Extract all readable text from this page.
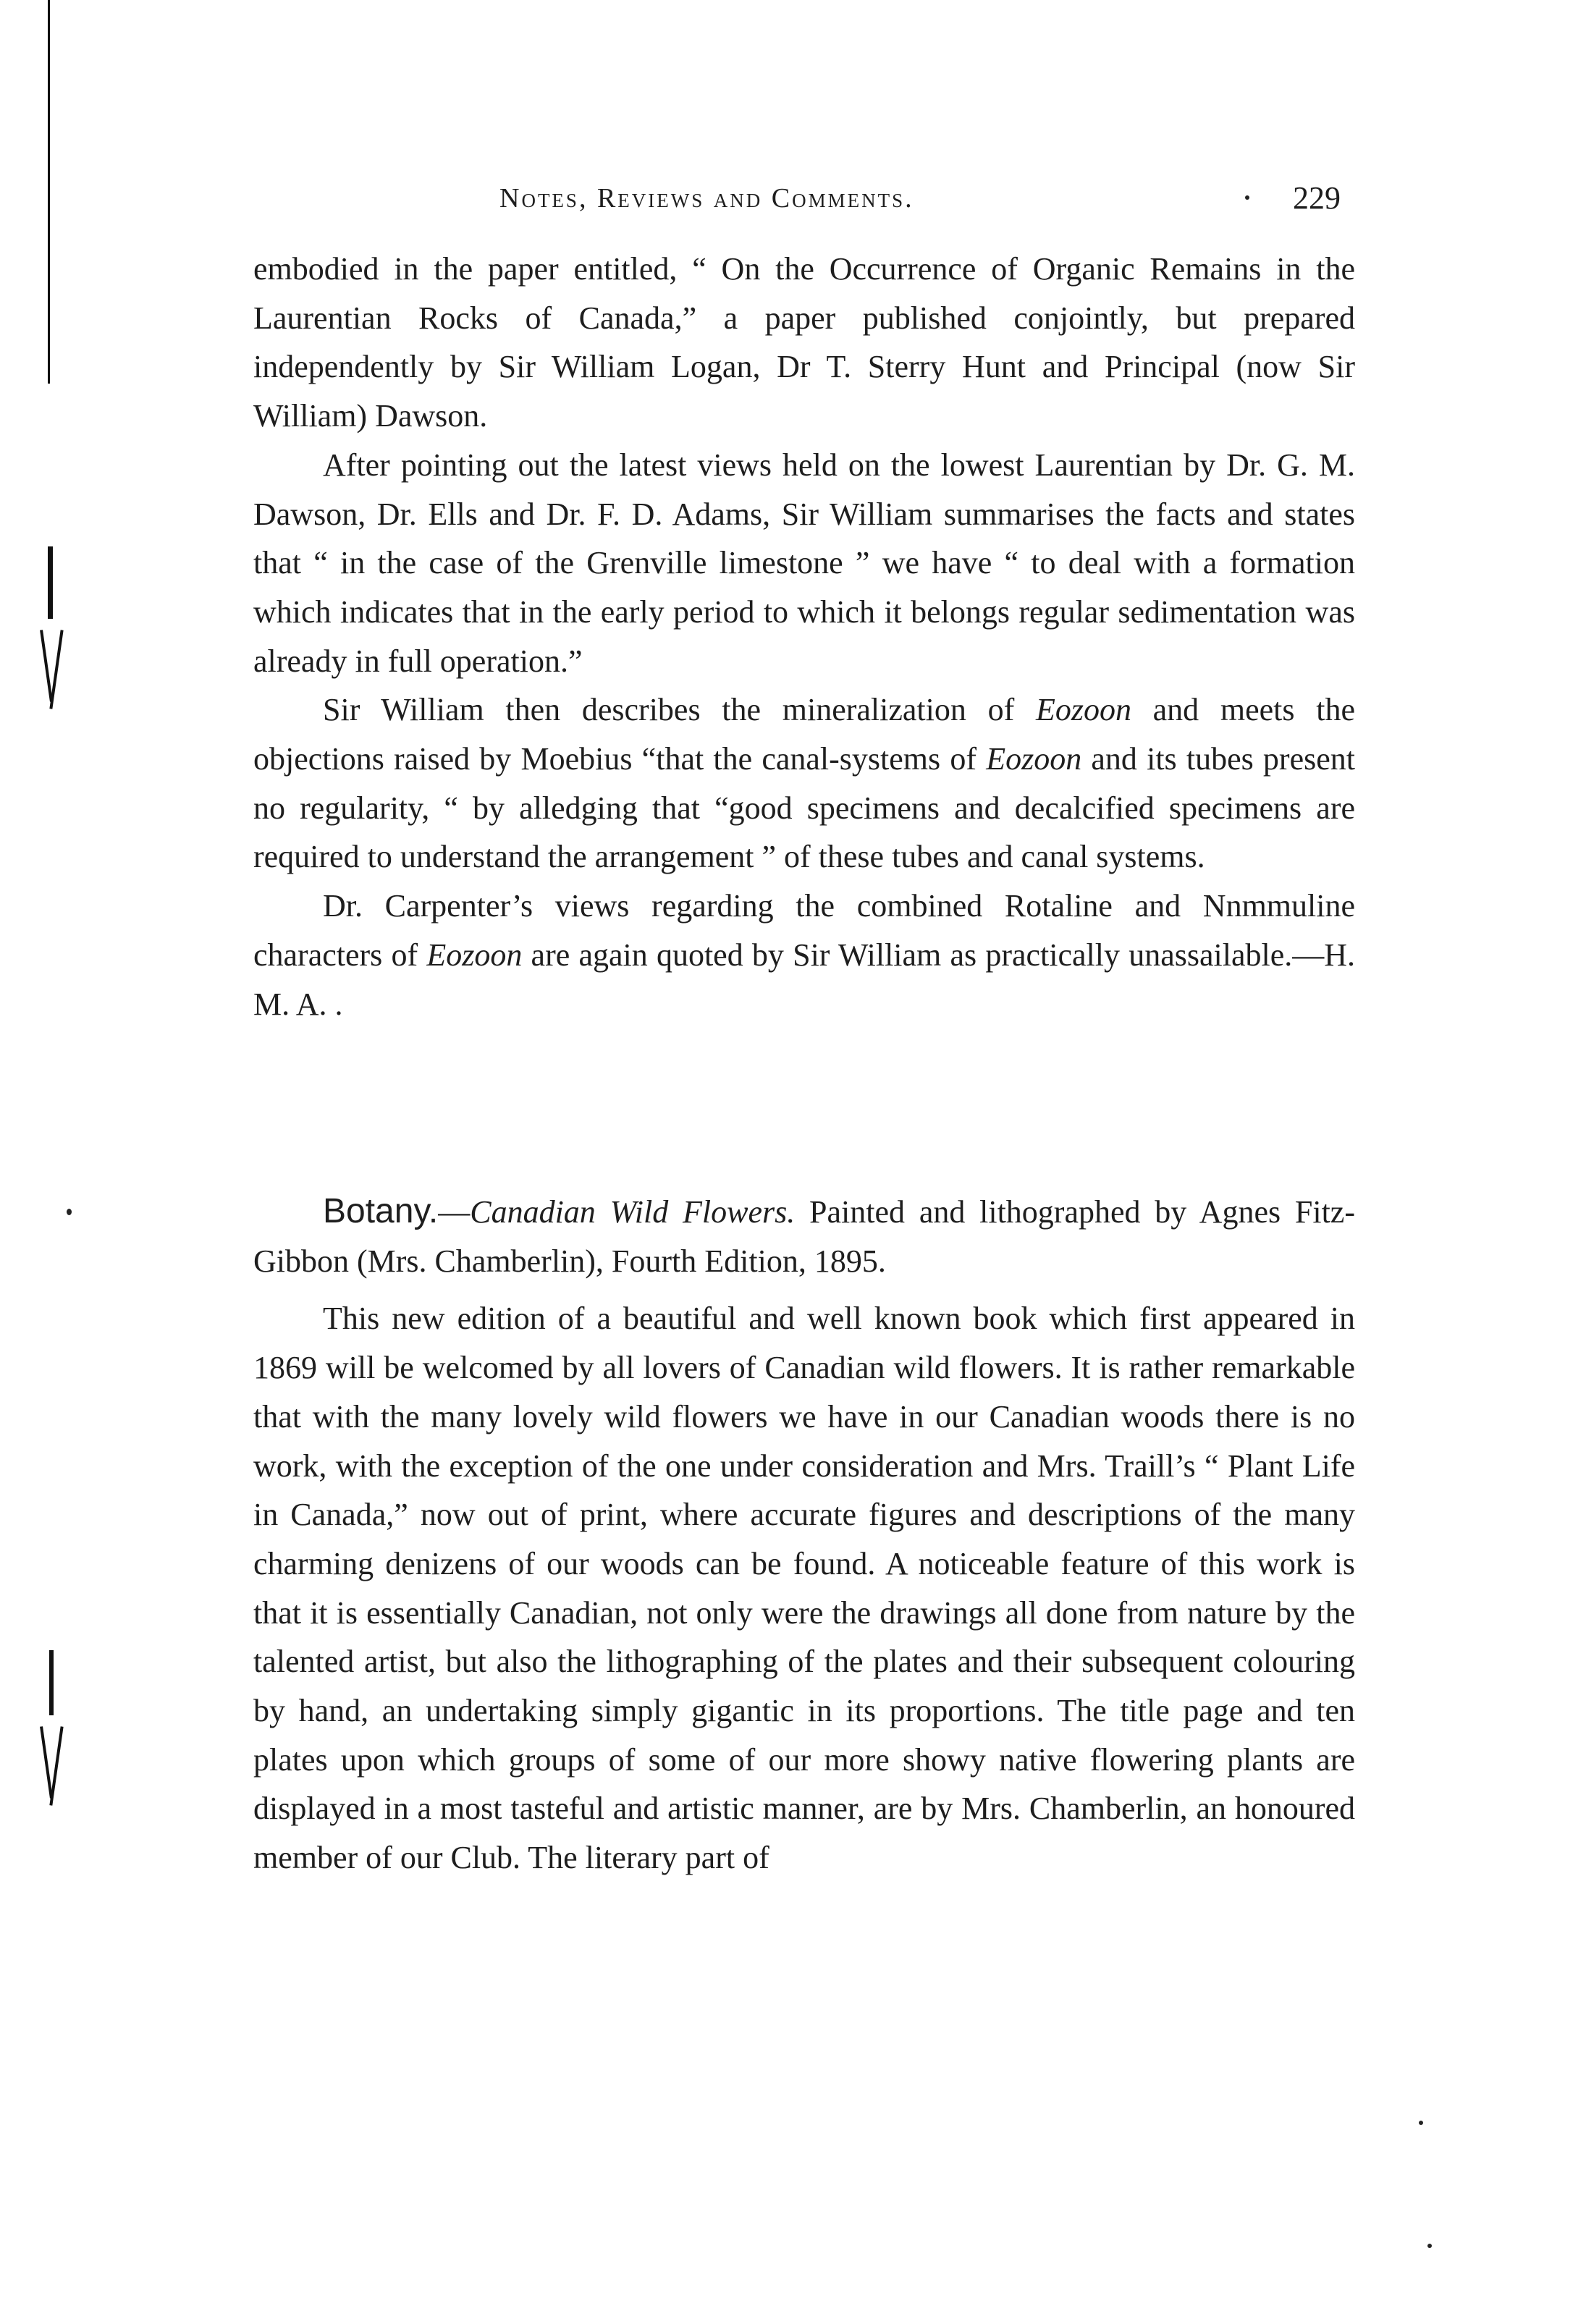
Notes, Reviews and Comments.	229

embodied in the paper entitled, “ On the Occurrence of Organic Remains in the Laurentian Rocks of Canada,” a paper published conjointly, but prepared independently by Sir William Logan, Dr T. Sterry Hunt and Principal (now Sir William) Dawson.

After pointing out the latest views held on the lowest Laurentian by Dr. G. M. Dawson, Dr. Ells and Dr. F. D. Adams, Sir William summarises the facts and states that “ in the case of the Grenville limestone ” we have “ to deal with a formation which indicates that in the early period to which it belongs regular sedimentation was already in full operation.”

Sir William then describes the mineralization of Eozoon and meets the objections raised by Moebius “that the canal-systems of Eozoon and its tubes present no regularity, “ by alledging that “good specimens and decalcified specimens are required to understand the arrangement ” of these tubes and canal systems.

Dr. Carpenter’s views regarding the combined Rotaline and Nnmmuline characters of Eozoon are again quoted by Sir William as practically unassailable.—H. M. A. .

Botany.—Canadian Wild Flowers. Painted and lithographed by Agnes Fitz-Gibbon (Mrs. Chamberlin), Fourth Edition, 1895.

This new edition of a beautiful and well known book which first appeared in 1869 will be welcomed by all lovers of Canadian wild flowers. It is rather remarkable that with the many lovely wild flowers we have in our Canadian woods there is no work, with the exception of the one under consideration and Mrs. Traill’s “ Plant Life in Canada,” now out of print, where accurate figures and descriptions of the many charming denizens of our woods can be found. A noticeable feature of this work is that it is essentially Canadian, not only were the drawings all done from nature by the talented artist, but also the lithographing of the plates and their subsequent colouring by hand, an undertaking simply gigantic in its proportions. The title page and ten plates upon which groups of some of our more showy native flowering plants are displayed in a most tasteful and artistic manner, are by Mrs. Chamberlin, an honoured member of our Club. The literary part of
